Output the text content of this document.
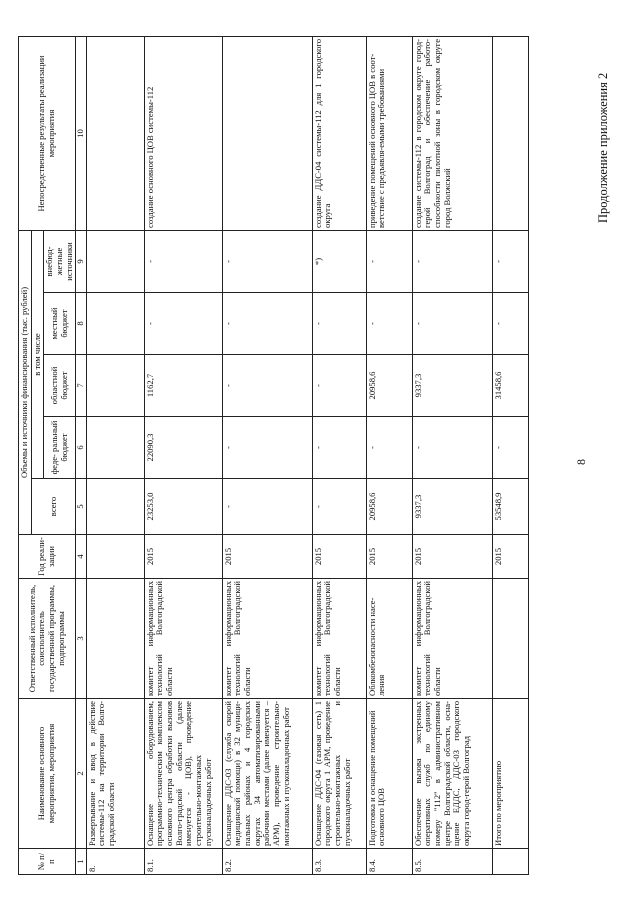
8
№ п/п	Наименование основного мероприятия, мероприятия	Ответственный исполнитель, соисполнитель государственной программы, подпрограммы	Год реали- зации	Объемы и источники финансирования (тыс. рублей)					Непосредственные результаты реализации мероприятия
				всего	в том числе				
					феде- ральный бюджет	областной бюджет	местный бюджет	внебюд- жетные источники	
1	2	3	4	5	6	7	8	9	10
8.	Развертывание и ввод в действие системы-112 на территории Волго-градской области								
8.1.	Оснащение оборудованием, программно-техническим комплексом основного центра обработки вызовов Волго-градской области (далее именуется - ЦОВ), проведение строительно-монтажных пусконаладочных работ	комитет информационных технологий Волгоградской области	2015	23253,0	22090,3	1162,7	-	-	создание основного ЦОВ системы-112
8.2.	Оснащение ДДС-03 (служба скорой медицинской помощи) в 32 муници-пальных районах и 4 городских округах 34 автоматизированными рабочими местами (далее именуется – АРМ), проведение строительно-монтажных и пусконаладочных работ	комитет информационных технологий Волгоградской области	2015	-	-	-	-	-	
8.3.	Оснащение ДДС-04 (газовая сеть) 1 городского округа 1 АРМ, проведение строительно-монтажных и пусконаладочных работ	комитет информационных технологий Волгоградской области	2015	-	-	-	-	*)	создание ДДС-04 системы-112 для 1 городского округа
8.4.	Подготовка и оснащение помещений основного ЦОВ	Облкомбезопасности насе-ления	2015	20958,6	-	20958,6	-	-	приведение помещений основного ЦОВ в соот-ветствие с предъявля-емыми требованиями
8.5.	Обеспечение вызова экстренных оперативных служб по единому номеру "112" в административном центре Волгоградской области, осна-щение ЕДДС, ДДС-03 городского округа город-герой Волгоград	комитет информационных технологий Волгоградской области	2015	9337,3	-	9337,3	-	-	создание системы-112 в городском округе город-герой Волгоград и обеспечение работо-способности пилотной зоны в городском округе город Волжский
	Итого по мероприятию		2015	53548,9	-	31458,6	-	-	
Продолжение приложения 2
